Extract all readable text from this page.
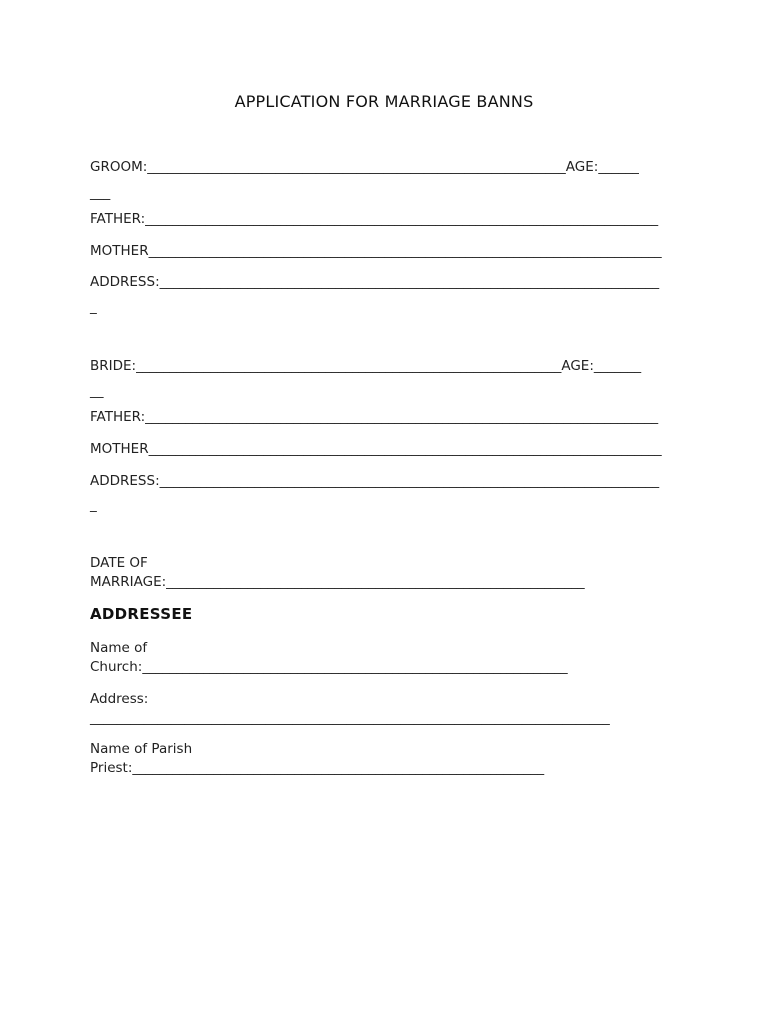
APPLICATION FOR MARRIAGE BANNS
GROOM:______________________________________________________________AGE:______
___
FATHER:____________________________________________________________________________
MOTHER____________________________________________________________________________
ADDRESS:__________________________________________________________________________
_
BRIDE:_______________________________________________________________AGE:_______
__
FATHER:____________________________________________________________________________
MOTHER____________________________________________________________________________
ADDRESS:__________________________________________________________________________
_
DATE OF
MARRIAGE:______________________________________________________________
ADDRESSEE
Name of
Church:_______________________________________________________________
Address:
_____________________________________________________________________________
Name of Parish
Priest:_____________________________________________________________
